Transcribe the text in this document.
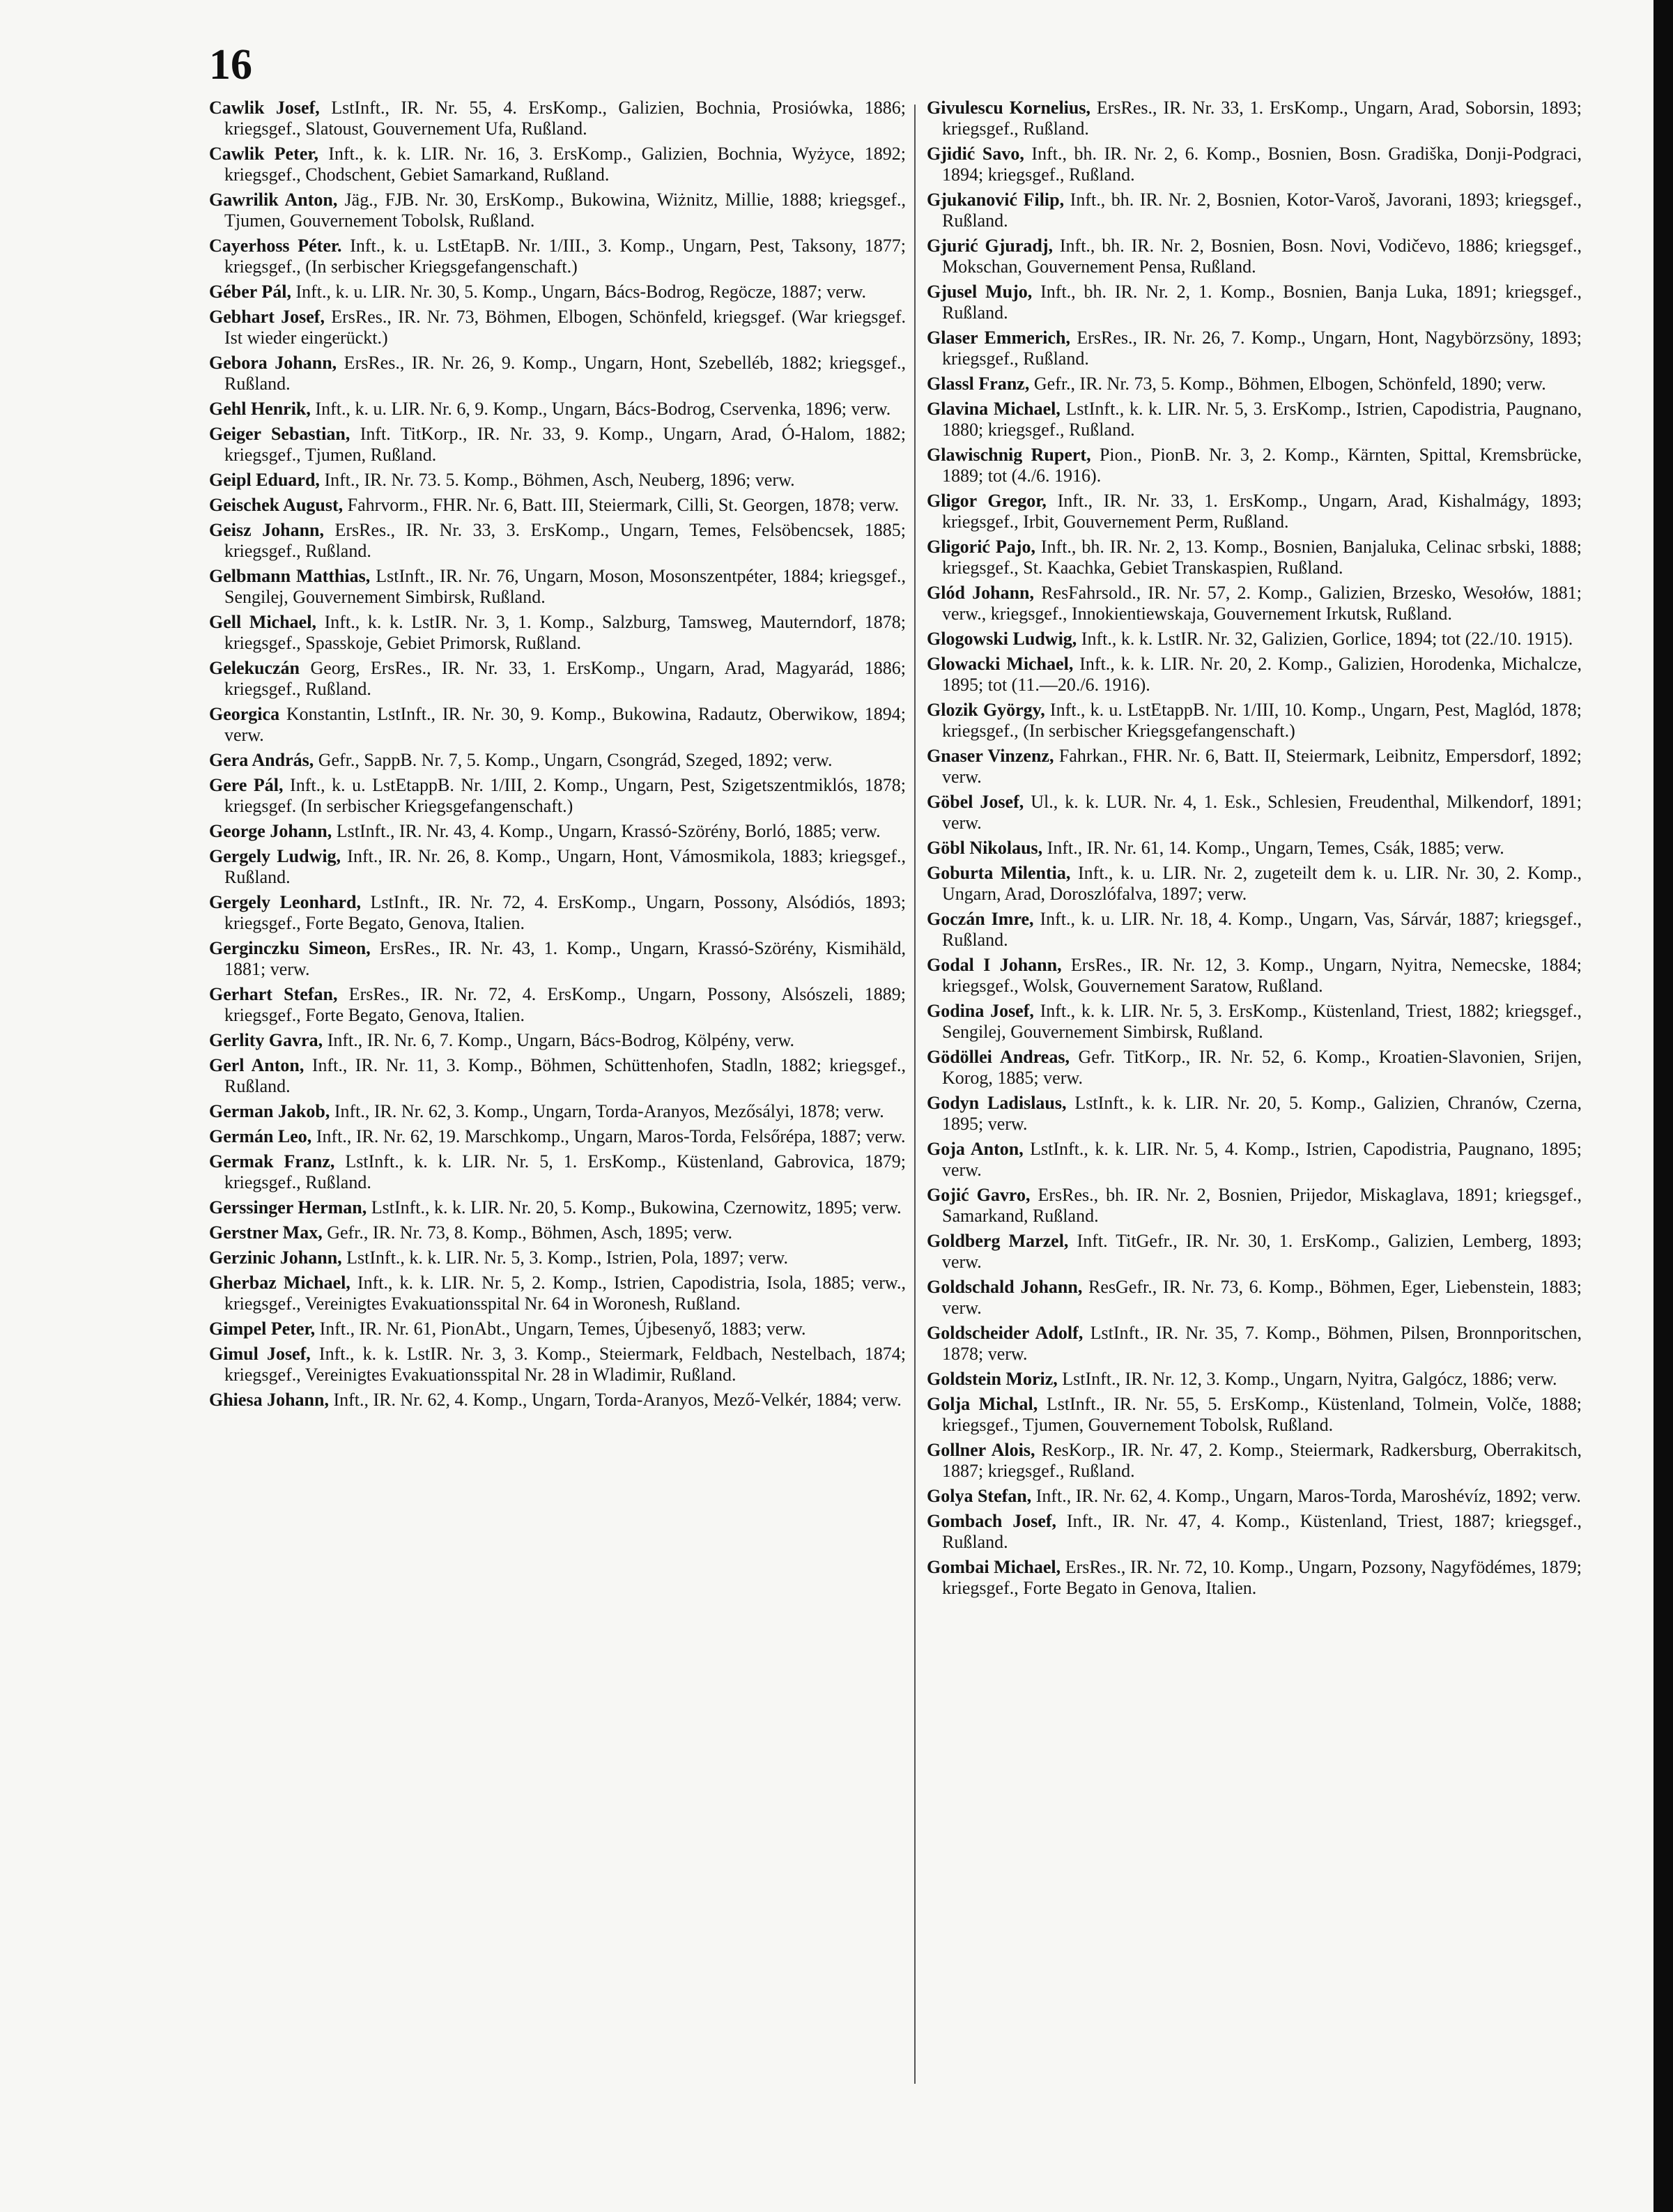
16

Cawlik Josef, LstInft., IR. Nr. 55, 4. ErsKomp., Galizien, Bochnia, Prosiówka, 1886; kriegsgef., Slatoust, Gouvernement Ufa, Rußland.

Cawlik Peter, Inft., k. k. LIR. Nr. 16, 3. ErsKomp., Galizien, Bochnia, Wyżyce, 1892; kriegsgef., Chodschent, Gebiet Samarkand, Rußland.

Gawrilik Anton, Jäg., FJB. Nr. 30, ErsKomp., Bukowina, Wiżnitz, Millie, 1888; kriegsgef., Tjumen, Gouvernement Tobolsk, Rußland.

Cayerhoss Péter. Inft., k. u. LstEtapB. Nr. 1/III., 3. Komp., Ungarn, Pest, Taksony, 1877; kriegsgef., (In serbischer Kriegsgefangenschaft.)

Géber Pál, Inft., k. u. LIR. Nr. 30, 5. Komp., Ungarn, Bács-Bodrog, Regöcze, 1887; verw.

Gebhart Josef, ErsRes., IR. Nr. 73, Böhmen, Elbogen, Schönfeld, kriegsgef. (War kriegsgef. Ist wieder eingerückt.)

Gebora Johann, ErsRes., IR. Nr. 26, 9. Komp., Ungarn, Hont, Szebelléb, 1882; kriegsgef., Rußland.

Gehl Henrik, Inft., k. u. LIR. Nr. 6, 9. Komp., Ungarn, Bács-Bodrog, Cservenka, 1896; verw.

Geiger Sebastian, Inft. TitKorp., IR. Nr. 33, 9. Komp., Ungarn, Arad, Ó-Halom, 1882; kriegsgef., Tjumen, Rußland.

Geipl Eduard, Inft., IR. Nr. 73. 5. Komp., Böhmen, Asch, Neuberg, 1896; verw.

Geischek August, Fahrvorm., FHR. Nr. 6, Batt. III, Steiermark, Cilli, St. Georgen, 1878; verw.

Geisz Johann, ErsRes., IR. Nr. 33, 3. ErsKomp., Ungarn, Temes, Felsöbencsek, 1885; kriegsgef., Rußland.

Gelbmann Matthias, LstInft., IR. Nr. 76, Ungarn, Moson, Mosonszentpéter, 1884; kriegsgef., Sengilej, Gouvernement Simbirsk, Rußland.

Gell Michael, Inft., k. k. LstIR. Nr. 3, 1. Komp., Salzburg, Tamsweg, Mauterndorf, 1878; kriegsgef., Spasskoje, Gebiet Primorsk, Rußland.

Gelekuczán Georg, ErsRes., IR. Nr. 33, 1. ErsKomp., Ungarn, Arad, Magyarád, 1886; kriegsgef., Rußland.

Georgica Konstantin, LstInft., IR. Nr. 30, 9. Komp., Bukowina, Radautz, Oberwikow, 1894; verw.

Gera András, Gefr., SappB. Nr. 7, 5. Komp., Ungarn, Csongrád, Szeged, 1892; verw.

Gere Pál, Inft., k. u. LstEtappB. Nr. 1/III, 2. Komp., Ungarn, Pest, Szigetszentmiklós, 1878; kriegsgef. (In serbischer Kriegsgefangenschaft.)

George Johann, LstInft., IR. Nr. 43, 4. Komp., Ungarn, Krassó-Szörény, Borló, 1885; verw.

Gergely Ludwig, Inft., IR. Nr. 26, 8. Komp., Ungarn, Hont, Vámosmikola, 1883; kriegsgef., Rußland.

Gergely Leonhard, LstInft., IR. Nr. 72, 4. ErsKomp., Ungarn, Possony, Alsódiós, 1893; kriegsgef., Forte Begato, Genova, Italien.

Gerginczku Simeon, ErsRes., IR. Nr. 43, 1. Komp., Ungarn, Krassó-Szörény, Kismihäld, 1881; verw.

Gerhart Stefan, ErsRes., IR. Nr. 72, 4. ErsKomp., Ungarn, Possony, Alsószeli, 1889; kriegsgef., Forte Begato, Genova, Italien.

Gerlity Gavra, Inft., IR. Nr. 6, 7. Komp., Ungarn, Bács-Bodrog, Kölpény, verw.

Gerl Anton, Inft., IR. Nr. 11, 3. Komp., Böhmen, Schüttenhofen, Stadln, 1882; kriegsgef., Rußland.

German Jakob, Inft., IR. Nr. 62, 3. Komp., Ungarn, Torda-Aranyos, Mezősályi, 1878; verw.

Germán Leo, Inft., IR. Nr. 62, 19. Marschkomp., Ungarn, Maros-Torda, Felsőrépa, 1887; verw.

Germak Franz, LstInft., k. k. LIR. Nr. 5, 1. ErsKomp., Küstenland, Gabrovica, 1879; kriegsgef., Rußland.

Gerssinger Herman, LstInft., k. k. LIR. Nr. 20, 5. Komp., Bukowina, Czernowitz, 1895; verw.

Gerstner Max, Gefr., IR. Nr. 73, 8. Komp., Böhmen, Asch, 1895; verw.

Gerzinic Johann, LstInft., k. k. LIR. Nr. 5, 3. Komp., Istrien, Pola, 1897; verw.

Gherbaz Michael, Inft., k. k. LIR. Nr. 5, 2. Komp., Istrien, Capodistria, Isola, 1885; verw., kriegsgef., Vereinigtes Evakuationsspital Nr. 64 in Woronesh, Rußland.

Gimpel Peter, Inft., IR. Nr. 61, PionAbt., Ungarn, Temes, Újbesenyő, 1883; verw.

Gimul Josef, Inft., k. k. LstIR. Nr. 3, 3. Komp., Steiermark, Feldbach, Nestelbach, 1874; kriegsgef., Vereinigtes Evakuationsspital Nr. 28 in Wladimir, Rußland.

Ghiesa Johann, Inft., IR. Nr. 62, 4. Komp., Ungarn, Torda-Aranyos, Mező-Velkér, 1884; verw.

Givulescu Kornelius, ErsRes., IR. Nr. 33, 1. ErsKomp., Ungarn, Arad, Soborsin, 1893; kriegsgef., Rußland.

Gjidić Savo, Inft., bh. IR. Nr. 2, 6. Komp., Bosnien, Bosn. Gradiška, Donji-Podgraci, 1894; kriegsgef., Rußland.

Gjukanović Filip, Inft., bh. IR. Nr. 2, Bosnien, Kotor-Varoš, Javorani, 1893; kriegsgef., Rußland.

Gjurić Gjuradj, Inft., bh. IR. Nr. 2, Bosnien, Bosn. Novi, Vodičevo, 1886; kriegsgef., Mokschan, Gouvernement Pensa, Rußland.

Gjusel Mujo, Inft., bh. IR. Nr. 2, 1. Komp., Bosnien, Banja Luka, 1891; kriegsgef., Rußland.

Glaser Emmerich, ErsRes., IR. Nr. 26, 7. Komp., Ungarn, Hont, Nagybörzsöny, 1893; kriegsgef., Rußland.

Glassl Franz, Gefr., IR. Nr. 73, 5. Komp., Böhmen, Elbogen, Schönfeld, 1890; verw.

Glavina Michael, LstInft., k. k. LIR. Nr. 5, 3. ErsKomp., Istrien, Capodistria, Paugnano, 1880; kriegsgef., Rußland.

Glawischnig Rupert, Pion., PionB. Nr. 3, 2. Komp., Kärnten, Spittal, Kremsbrücke, 1889; tot (4./6. 1916).

Gligor Gregor, Inft., IR. Nr. 33, 1. ErsKomp., Ungarn, Arad, Kishalmágy, 1893; kriegsgef., Irbit, Gouvernement Perm, Rußland.

Gligorić Pajo, Inft., bh. IR. Nr. 2, 13. Komp., Bosnien, Banjaluka, Celinac srbski, 1888; kriegsgef., St. Kaachka, Gebiet Transkaspien, Rußland.

Glód Johann, ResFahrsold., IR. Nr. 57, 2. Komp., Galizien, Brzesko, Wesołów, 1881; verw., kriegsgef., Innokientiewskaja, Gouvernement Irkutsk, Rußland.

Glogowski Ludwig, Inft., k. k. LstIR. Nr. 32, Galizien, Gorlice, 1894; tot (22./10. 1915).

Glowacki Michael, Inft., k. k. LIR. Nr. 20, 2. Komp., Galizien, Horodenka, Michalcze, 1895; tot (11.—20./6. 1916).

Glozik György, Inft., k. u. LstEtappB. Nr. 1/III, 10. Komp., Ungarn, Pest, Maglód, 1878; kriegsgef., (In serbischer Kriegsgefangenschaft.)

Gnaser Vinzenz, Fahrkan., FHR. Nr. 6, Batt. II, Steiermark, Leibnitz, Empersdorf, 1892; verw.

Göbel Josef, Ul., k. k. LUR. Nr. 4, 1. Esk., Schlesien, Freudenthal, Milkendorf, 1891; verw.

Göbl Nikolaus, Inft., IR. Nr. 61, 14. Komp., Ungarn, Temes, Csák, 1885; verw.

Goburta Milentia, Inft., k. u. LIR. Nr. 2, zugeteilt dem k. u. LIR. Nr. 30, 2. Komp., Ungarn, Arad, Doroszlófalva, 1897; verw.

Goczán Imre, Inft., k. u. LIR. Nr. 18, 4. Komp., Ungarn, Vas, Sárvár, 1887; kriegsgef., Rußland.

Godal I Johann, ErsRes., IR. Nr. 12, 3. Komp., Ungarn, Nyitra, Nemecske, 1884; kriegsgef., Wolsk, Gouvernement Saratow, Rußland.

Godina Josef, Inft., k. k. LIR. Nr. 5, 3. ErsKomp., Küstenland, Triest, 1882; kriegsgef., Sengilej, Gouvernement Simbirsk, Rußland.

Gödöllei Andreas, Gefr. TitKorp., IR. Nr. 52, 6. Komp., Kroatien-Slavonien, Srijen, Korog, 1885; verw.

Godyn Ladislaus, LstInft., k. k. LIR. Nr. 20, 5. Komp., Galizien, Chranów, Czerna, 1895; verw.

Goja Anton, LstInft., k. k. LIR. Nr. 5, 4. Komp., Istrien, Capodistria, Paugnano, 1895; verw.

Gojić Gavro, ErsRes., bh. IR. Nr. 2, Bosnien, Prijedor, Miskaglava, 1891; kriegsgef., Samarkand, Rußland.

Goldberg Marzel, Inft. TitGefr., IR. Nr. 30, 1. ErsKomp., Galizien, Lemberg, 1893; verw.

Goldschald Johann, ResGefr., IR. Nr. 73, 6. Komp., Böhmen, Eger, Liebenstein, 1883; verw.

Goldscheider Adolf, LstInft., IR. Nr. 35, 7. Komp., Böhmen, Pilsen, Bronnporitschen, 1878; verw.

Goldstein Moriz, LstInft., IR. Nr. 12, 3. Komp., Ungarn, Nyitra, Galgócz, 1886; verw.

Golja Michal, LstInft., IR. Nr. 55, 5. ErsKomp., Küstenland, Tolmein, Volče, 1888; kriegsgef., Tjumen, Gouvernement Tobolsk, Rußland.

Gollner Alois, ResKorp., IR. Nr. 47, 2. Komp., Steiermark, Radkersburg, Oberrakitsch, 1887; kriegsgef., Rußland.

Golya Stefan, Inft., IR. Nr. 62, 4. Komp., Ungarn, Maros-Torda, Maroshévíz, 1892; verw.

Gombach Josef, Inft., IR. Nr. 47, 4. Komp., Küstenland, Triest, 1887; kriegsgef., Rußland.

Gombai Michael, ErsRes., IR. Nr. 72, 10. Komp., Ungarn, Pozsony, Nagyfödémes, 1879; kriegsgef., Forte Begato in Genova, Italien.
